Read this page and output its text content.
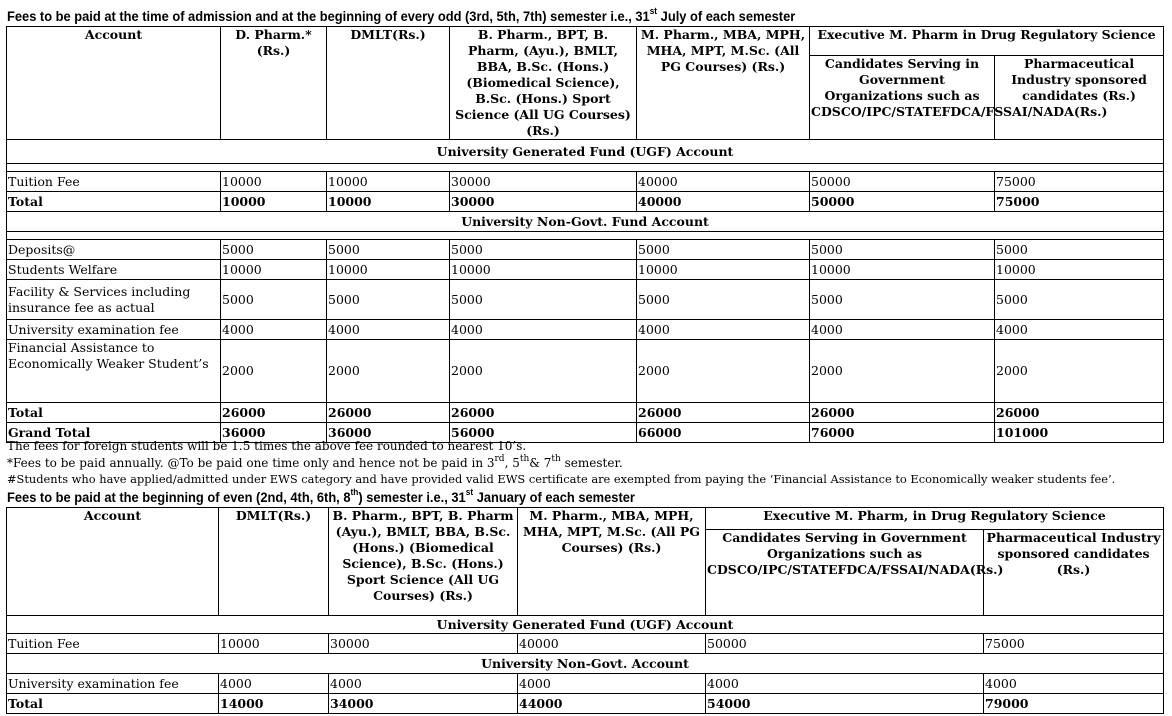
Fees to be paid at the time of admission and at the beginning of every odd (3rd, 5th, 7th) semester i.e., 31st July of each semester
Account	D. Pharm.*(Rs.)	DMLT(Rs.)	B. Pharm., BPT, B. Pharm, (Ayu.), BMLT, BBA, B.Sc. (Hons.) (Biomedical Science), B.Sc. (Hons.) Sport Science (All UG Courses) (Rs.)	M. Pharm., MBA, MPH, MHA, MPT, M.Sc. (All PG Courses) (Rs.)	Executive M. Pharm in Drug Regulatory Science	
					Candidates Serving in Government Organizations such as CDSCO/IPC/STATEFDCA/FSSAI/NADA(Rs.)	Pharmaceutical Industry sponsored candidates (Rs.)
University Generated Fund (UGF) Account						

Tuition Fee	10000	10000	30000	40000	50000	75000
Total	10000	10000	30000	40000	50000	75000
University Non-Govt. Fund Account						

Deposits@	5000	5000	5000	5000	5000	5000
Students Welfare	10000	10000	10000	10000	10000	10000
Facility & Services including insurance fee as actual	5000	5000	5000	5000	5000	5000
University examination fee	4000	4000	4000	4000	4000	4000
Financial Assistance to Economically Weaker Student’s	2000	2000	2000	2000	2000	2000
Total	26000	26000	26000	26000	26000	26000
Grand Total	36000	36000	56000	66000	76000	101000
The fees for foreign students will be 1.5 times the above fee rounded to nearest 10’s.
*Fees to be paid annually. @To be paid one time only and hence not be paid in 3rd, 5th& 7th semester.
#Students who have applied/admitted under EWS category and have provided valid EWS certificate are exempted from paying the ‘Financial Assistance to Economically weaker students fee’.
Fees to be paid at the beginning of even (2nd, 4th, 6th, 8th) semester i.e., 31st January of each semester
Account	DMLT(Rs.)	B. Pharm., BPT, B. Pharm (Ayu.), BMLT, BBA, B.Sc. (Hons.) (Biomedical Science), B.Sc. (Hons.) Sport Science (All UG Courses) (Rs.)	M. Pharm., MBA, MPH, MHA, MPT, M.Sc. (All PG Courses) (Rs.)	Executive M. Pharm, in Drug Regulatory Science	
				Candidates Serving in Government Organizations such as CDSCO/IPC/STATEFDCA/FSSAI/NADA(Rs.)	Pharmaceutical Industry sponsored candidates (Rs.)
University Generated Fund (UGF) Account					
Tuition Fee	10000	30000	40000	50000	75000
University Non-Govt. Account					
University examination fee	4000	4000	4000	4000	4000
Total	14000	34000	44000	54000	79000
